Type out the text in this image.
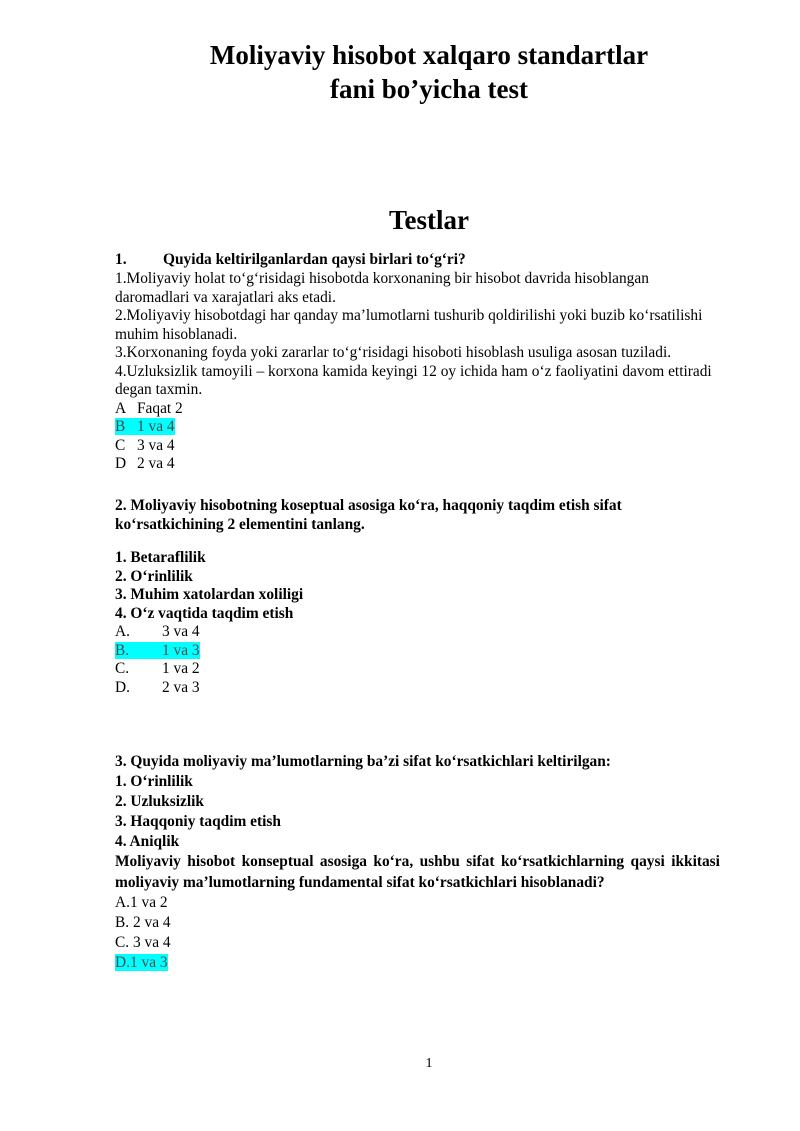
Moliyaviy hisobot xalqaro standartlar
fani bo’yicha test
Testlar
1. Quyida keltirilganlardan qaysi birlari to‘g‘ri?
1.Moliyaviy holat to‘g‘risidagi hisobotda korxonaning bir hisobot davrida hisoblangan
daromadlari va xarajatlari aks etadi.
2.Moliyaviy hisobotdagi har qanday ma’lumotlarni tushurib qoldirilishi yoki buzib ko‘rsatilishi
muhim hisoblanadi.
3.Korxonaning foyda yoki zararlar to‘g‘risidagi hisoboti hisoblash usuliga asosan tuziladi.
4.Uzluksizlik tamoyili – korxona kamida keyingi 12 oy ichida ham o‘z faoliyatini davom ettiradi
degan taxmin.
A Faqat 2
B 1 va 4
C 3 va 4
D 2 va 4
2. Moliyaviy hisobotning koseptual asosiga ko‘ra, haqqoniy taqdim etish sifat
ko‘rsatkichining 2 elementini tanlang.
1. Betaraflilik
2. O‘rinlilik
3. Muhim xatolardan xoliligi
4. O‘z vaqtida taqdim etish
A. 3 va 4
B. 1 va 3
C. 1 va 2
D. 2 va 3
3. Quyida moliyaviy ma’lumotlarning ba’zi sifat ko‘rsatkichlari keltirilgan:
1. O‘rinlilik
2. Uzluksizlik
3. Haqqoniy taqdim etish
4. Aniqlik
Moliyaviy hisobot konseptual asosiga ko‘ra, ushbu sifat ko‘rsatkichlarning qaysi ikkitasi
moliyaviy ma’lumotlarning fundamental sifat ko‘rsatkichlari hisoblanadi?
A.1 va 2
B. 2 va 4
C. 3 va 4
D.1 va 3
1
